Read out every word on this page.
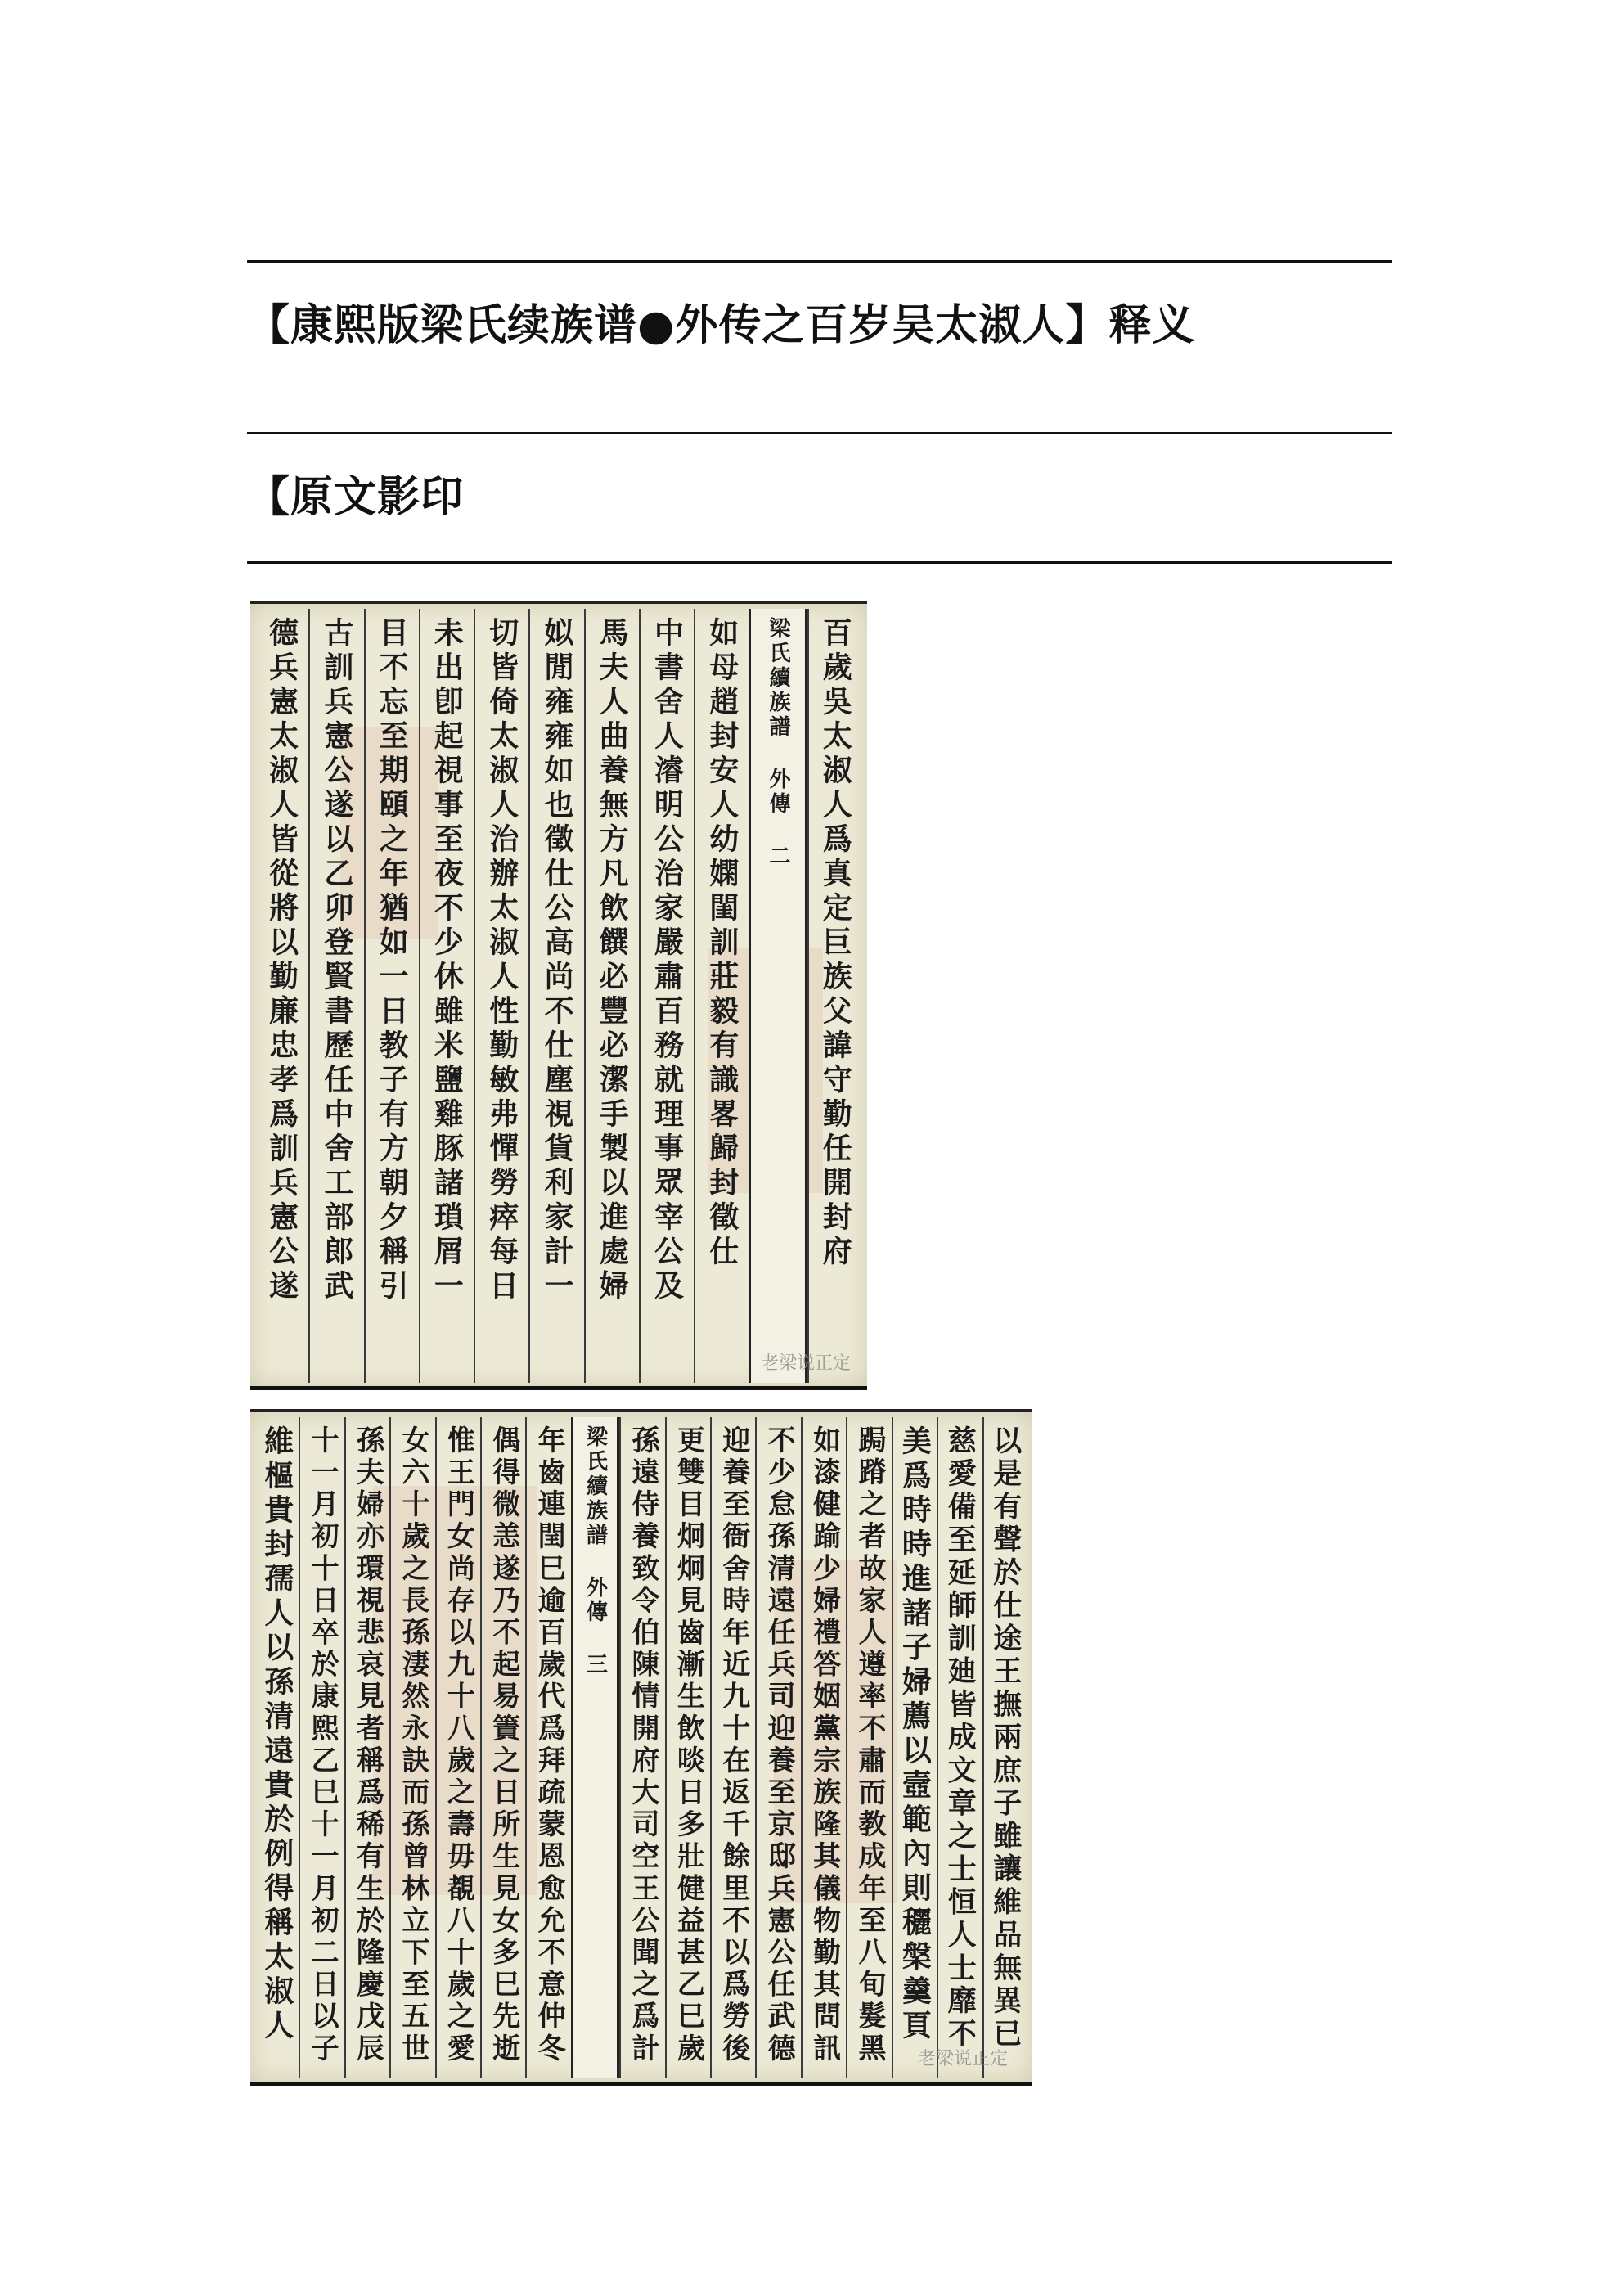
【康熙版梁氏续族谱●外传之百岁吴太淑人】释义
【原文影印
百歲吳太淑人爲真定巨族父諱守勤任開封府
梁氏續族譜 外傳 二
如母趙封安人幼嫻閨訓莊毅有識畧歸封徵仕
中書舍人濬明公治家嚴肅百務就理事眾宰公及
馬夫人曲養無方凡飲饌必豐必潔手製以進處婦
姒閒雍雍如也徵仕公高尚不仕塵視貨利家計一
切皆倚太淑人治辦太淑人性勤敏弗憚勞瘁每日
未出卽起視事至夜不少休雖米鹽雞豚諸瑣屑一
目不忘至期頤之年猶如一日教子有方朝夕稱引
古訓兵憲公遂以乙卯登賢書歷任中舍工部郎武
德兵憲太淑人皆從將以勤廉忠孝爲訓兵憲公遂
老梁说正定
以是有聲於仕途王撫兩庶子雖讓維品無異已
慈愛備至延師訓廸皆成文章之士恒人士靡不
美爲時時進諸子婦薦以壼範內則穲槃羹頁
跼蹐之者故家人遵率不肅而教成年至八旬髮黑
如漆健踰少婦禮答姻黨宗族隆其儀物勤其問訊
不少怠孫清遠任兵司迎養至京邸兵憲公任武德
迎養至衙舍時年近九十在返千餘里不以爲勞後
更雙目炯炯見齒漸生飲啖日多壯健益甚乙巳歲
孫遠侍養致令伯陳情開府大司空王公聞之爲計
梁氏續族譜 外傳 三
年齒連閏巳逾百歲代爲拜疏蒙恩愈允不意仲冬
偶得微恙遂乃不起易簀之日所生見女多巳先逝
惟王門女尚存以九十八歲之壽毋覩八十歲之愛
女六十歲之長孫淒然永訣而孫曾林立下至五世
孫夫婦亦環視悲哀見者稱爲稀有生於隆慶戊辰
十一月初十日卒於康熙乙巳十一月初二日以子
維樞貴封孺人以孫清遠貴於例得稱太淑人
老梁说正定
